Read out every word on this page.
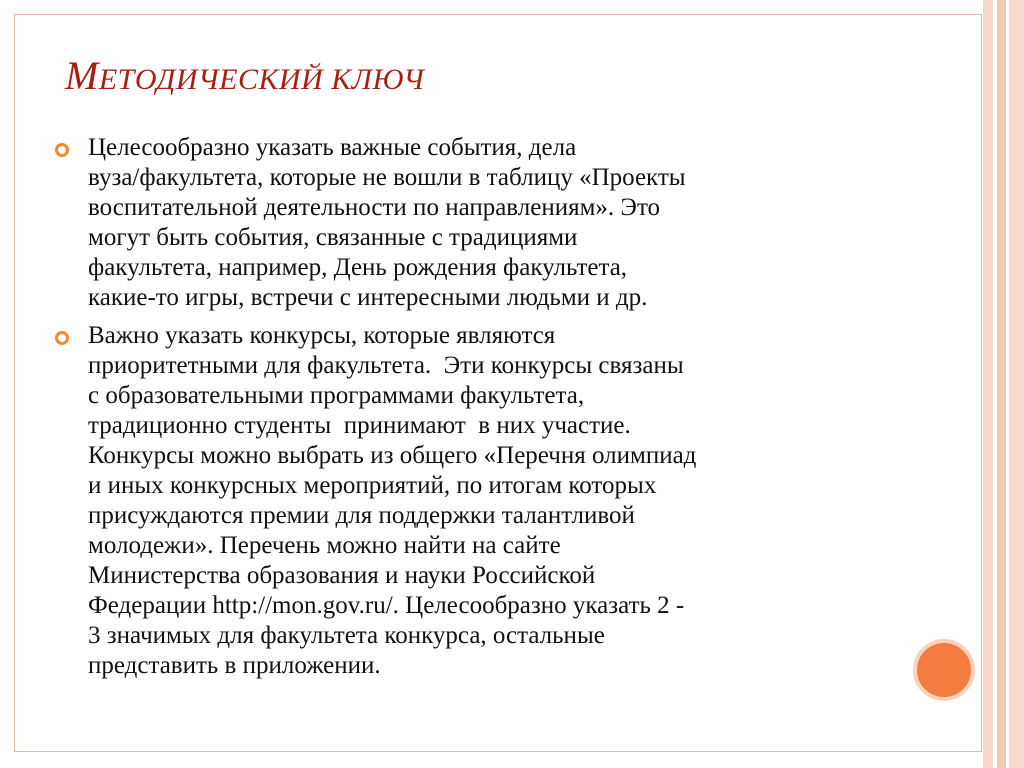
МЕТОДИЧЕСКИЙ КЛЮЧ
Целесообразно указать важные события, дела
вуза/факультета, которые не вошли в таблицу «Проекты
воспитательной деятельности по направлениям». Это
могут быть события, связанные с традициями
факультета, например, День рождения факультета,
какие-то игры, встречи с интересными людьми и др.
Важно указать конкурсы, которые являются
приоритетными для факультета.  Эти конкурсы связаны
с образовательными программами факультета,
традиционно студенты  принимают  в них участие.
Конкурсы можно выбрать из общего «Перечня олимпиад
и иных конкурсных мероприятий, по итогам которых
присуждаются премии для поддержки талантливой
молодежи». Перечень можно найти на сайте
Министерства образования и науки Российской
Федерации http://mon.gov.ru/. Целесообразно указать 2 -
3 значимых для факультета конкурса, остальные
представить в приложении.
